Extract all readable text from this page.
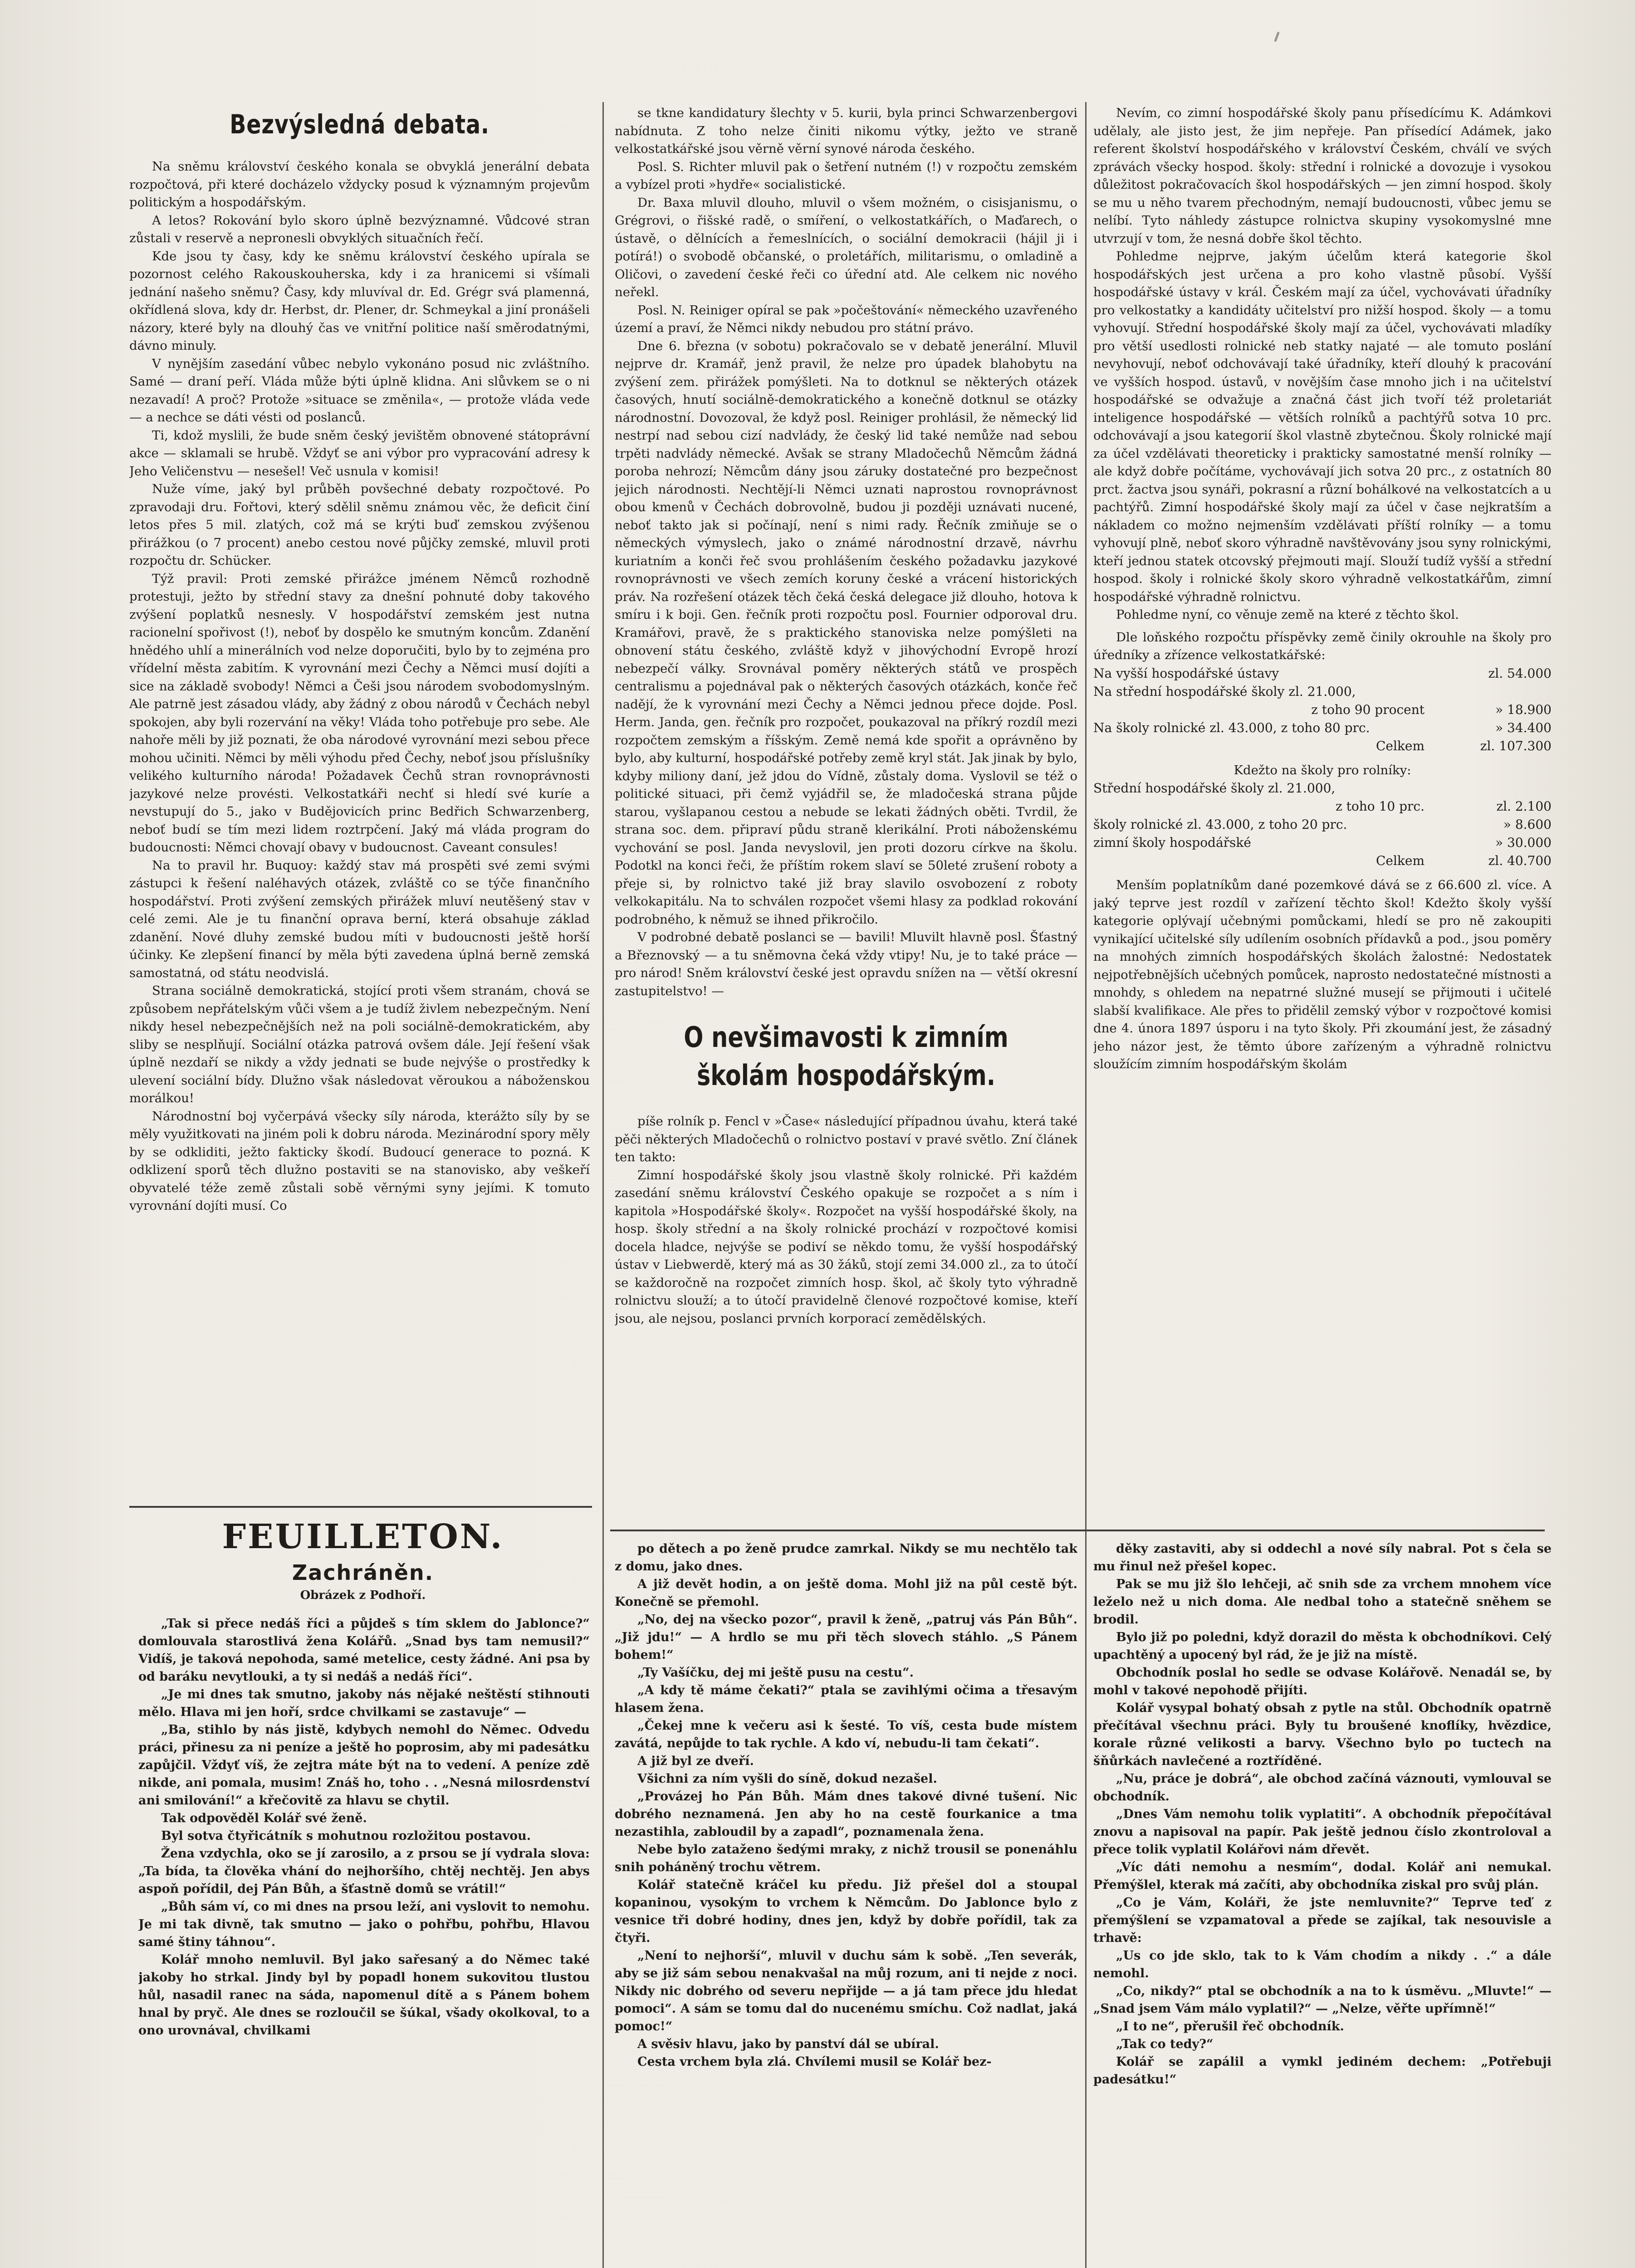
Bezvýsledná debata.

Na sněmu království českého konala se obvyklá jenerální debata rozpočtová, při které docházelo vždycky posud k významným projevům politickým a hospodářským.

A letos? Rokování bylo skoro úplně bezvýznamné. Vůdcové stran zůstali v reservě a nepronesli obvyklých situačních řečí.

Kde jsou ty časy, kdy ke sněmu království českého upírala se pozornost celého Rakouskouherska, kdy i za hranicemi si všímali jednání našeho sněmu? Časy, kdy mluvíval dr. Ed. Grégr svá plamenná, okřídlená slova, kdy dr. Herbst, dr. Plener, dr. Schmeykal a jiní pronášeli názory, které byly na dlouhý čas ve vnitřní politice naší směrodatnými, dávno minuly.

V nynějším zasedání vůbec nebylo vykonáno posud nic zvláštního. Samé — draní peří. Vláda může býti úplně klidna. Ani slůvkem se o ni nezavadí! A proč? Protože »situace se změnila«, — protože vláda vede — a nechce se dáti vésti od poslanců.

Ti, kdož myslili, že bude sněm český jevištěm obnovené státoprávní akce — sklamali se hrubě. Vždyť se ani výbor pro vypracování adresy k Jeho Veličenstvu — nesešel! Več usnula v komisi!

Nuže víme, jaký byl průběh povšechné debaty rozpočtové. Po zpravodaji dru. Fořtovi, který sdělil sněmu známou věc, že deficit činí letos přes 5 mil. zlatých, což má se krýti buď zemskou zvýšenou přirážkou (o 7 procent) anebo cestou nové půjčky zemské, mluvil proti rozpočtu dr. Schücker.

Týž pravil: Proti zemské přirážce jménem Němců rozhodně protestuji, ježto by střední stavy za dnešní pohnuté doby takového zvýšení poplatků nesnesly. V hospodářství zemském jest nutna racionelní spořivost (!), neboť by dospělo ke smutným koncům. Zdanění hnědého uhlí a minerálních vod nelze doporučiti, bylo by to zejména pro vřídelní města zabitím. K vyrovnání mezi Čechy a Němci musí dojíti a sice na základě svobody! Němci a Češi jsou národem svobodomyslným. Ale patrně jest zásadou vlády, aby žádný z obou národů v Čechách nebyl spokojen, aby byli rozervání na věky! Vláda toho potřebuje pro sebe. Ale nahoře měli by již poznati, že oba národové vyrovnání mezi sebou přece mohou učiniti. Němci by měli výhodu před Čechy, neboť jsou příslušníky velikého kulturního národa! Požadavek Čechů stran rovnoprávnosti jazykové nelze provésti. Velkostatkáři nechť si hledí své kuríe a nevstupují do 5., jako v Budějovicích princ Bedřich Schwarzenberg, neboť budí se tím mezi lidem roztrpčení. Jaký má vláda program do budoucnosti: Němci chovají obavy v budoucnost. Caveant consules!

Na to pravil hr. Buquoy: každý stav má prospěti své zemi svými zástupci k řešení naléhavých otázek, zvláště co se týče finančního hospodářství. Proti zvýšení zemských přirážek mluví neutěšený stav v celé zemi. Ale je tu finanční oprava berní, která obsahuje základ zdanění. Nové dluhy zemské budou míti v budoucnosti ještě horší účinky. Ke zlepšení financí by měla býti zavedena úplná berně zemská samostatná, od státu neodvislá.

Strana sociálně demokratická, stojící proti všem stranám, chová se způsobem nepřátelským vůči všem a je tudíž živlem nebezpečným. Není nikdy hesel nebezpečnějších než na poli sociálně-demokratickém, aby sliby se nesplňují. Sociální otázka patrová ovšem dále. Její řešení však úplně nezdaří se nikdy a vždy jednati se bude nejvýše o prostředky k ulevení sociální bídy. Dlužno však následovat věroukou a náboženskou morálkou!

Národnostní boj vyčerpává všecky síly národa, kterážto síly by se měly využitkovati na jiném poli k dobru národa. Mezinárodní spory měly by se odkliditi, ježto fakticky škodí. Budoucí generace to pozná. K odklizení sporů těch dlužno postaviti se na stanovisko, aby veškeří obyvatelé téže země zůstali sobě věrnými syny jejími. K tomuto vyrovnání dojíti musí. Co

se tkne kandidatury šlechty v 5. kurii, byla princi Schwarzenbergovi nabídnuta. Z toho nelze činiti nikomu výtky, ježto ve straně velkostatkářské jsou věrně věrní synové národa českého.

Posl. S. Richter mluvil pak o šetření nutném (!) v rozpočtu zemském a vybízel proti »hydře« socialistické.

Dr. Baxa mluvil dlouho, mluvil o všem možném, o cisisjanismu, o Grégrovi, o řišské radě, o smíření, o velkostatkářích, o Maďarech, o ústavě, o dělnících a řemeslnících, o sociální demokracii (hájil ji i potírá!) o svobodě občanské, o proletářích, militarismu, o omladině a Oličovi, o zavedení české řeči co úřední atd. Ale celkem nic nového neřekl.

Posl. N. Reiniger opíral se pak »počeštování« německého uzavřeného území a praví, že Němci nikdy nebudou pro státní právo.

Dne 6. března (v sobotu) pokračovalo se v debatě jenerální. Mluvil nejprve dr. Kramář, jenž pravil, že nelze pro úpadek blahobytu na zvýšení zem. přirážek pomýšleti. Na to dotknul se některých otázek časových, hnutí sociálně-demokratického a konečně dotknul se otázky národnostní. Dovozoval, že když posl. Reiniger prohlásil, že německý lid nestrpí nad sebou cizí nadvlády, že český lid také nemůže nad sebou trpěti nadvlády německé. Avšak se strany Mladočechů Němcům žádná porobа nehrozí; Němcům dány jsou záruky dostatečné pro bezpečnost jejich národnosti. Nechtějí-li Němci uznati naprostou rovnoprávnost obou kmenů v Čechách dobrovolně, budou ji později uznávati nucené, neboť takto jak si počínají, není s nimi rady. Řečník zmiňuje se o německých výmyslech, jako o známé národnostní drzavě, návrhu kuriatním a konči řeč svou prohlášením českého požadavku jazykové rovnoprávnosti ve všech zemích koruny české a vrácení historických práv. Na rozřešení otázek těch čeká česká delegace již dlouho, hotova k smíru i k boji. Gen. řečník proti rozpočtu posl. Fournier odporoval dru. Kramářovi, pravě, že s praktického stanoviska nelze pomýšleti na obnovení státu českého, zvláště když v jihovýchodní Evropě hrozí nebezpečí války. Srovnával poměry některých států ve prospěch centralismu a pojednával pak o některých časových otázkách, konče řeč nadějí, že k vyrovnání mezi Čechy a Němci jednou přece dojde. Posl. Herm. Janda, gen. řečník pro rozpočet, poukazoval na příkrý rozdíl mezi rozpočtem zemským a říšským. Země nemá kde spořit a oprávněno by bylo, aby kulturní, hospodářské potřeby země kryl stát. Jak jinak by bylo, kdyby miliony daní, jež jdou do Vídně, zůstaly doma. Vyslovil se též o politické situaci, při čemž vyjádřil se, že mladočeská strana půjde starou, vyšlapanou cestou a nebude se lekati žádných oběti. Tvrdil, že strana soc. dem. připraví půdu straně klerikální. Proti náboženskému vychování se posl. Janda nevyslovil, jen proti dozoru církve na školu. Podotkl na konci řeči, že příštím rokem slaví se 50leté zrušení roboty a přeje si, by rolnictvo také již bray slavilo osvobození z roboty velkokapitálu. Na to schválen rozpočet všemi hlasy za podklad rokování podrobného, k němuž se ihned přikročilo.

V podrobné debatě poslanci se — bavili! Mluvilt hlavně posl. Šťastný a Březnovský — a tu sněmovna čeká vždy vtipy! Nu, je to také práce — pro národ! Sněm království české jest opravdu snížen na — větší okresní zastupitelstvo! —

O nevšimavosti k zimním školám hospodářským.

píše rolník p. Fencl v »Čase« následující případnou úvahu, která také pěči některých Mladočechů o rolnictvo postaví v pravé světlo. Zní článek ten takto:

Zimní hospodářské školy jsou vlastně školy rolnické. Při každém zasedání sněmu království Českého opakuje se rozpočet a s ním i kapitola »Hospodářské školy«. Rozpočet na vyšší hospodářské školy, na hosp. školy střední a na školy rolnické prochází v rozpočtové komisi docela hladce, nejvýše se podiví se někdo tomu, že vyšší hospodářský ústav v Liebwerdě, který má as 30 žáků, stojí zemi 34.000 zl., za to útočí se každoročně na rozpočet zimních hosp. škol, ač školy tyto výhradně rolnictvu slouží; a to útočí pravidelně členové rozpočtové komise, kteří jsou, ale nejsou, poslanci prvních korporací zemědělských.

Nevím, co zimní hospodářské školy panu přísedícímu K. Adámkovi udělaly, ale jisto jest, že jim nepřeje. Pan přísedící Adámek, jako referent školství hospodářského v království Českém, chválí ve svých zprávách všecky hospod. školy: střední i rolnické a dovozuje i vysokou důležitost pokračovacích škol hospodářských — jen zimní hospod. školy se mu u něho tvarem přechodným, nemají budoucnosti, vůbec jemu se nelíbí. Tyto náhledy zástupce rolnictva skupiny vysokomyslné mne utvrzují v tom, že nesná dobře škol těchto.

Pohledme nejprve, jakým účelům která kategorie škol hospodářských jest určena a pro koho vlastně působí. Vyšší hospodářské ústavy v král. Českém mají za účel, vychovávati úřadníky pro velkostatky a kandidáty učitelství pro nižší hospod. školy — a tomu vyhovují. Střední hospodářské školy mají za účel, vychovávati mladíky pro větší usedlosti rolnické neb statky najaté — ale tomuto poslání nevyhovují, neboť odchovávají také úřadníky, kteří dlouhý k pracování ve vyšších hospod. ústavů, v novějším čase mnoho jich i na učitelství hospodářské se odvažuje a značná část jich tvoří též proletariát inteligence hospodářské — větších rolníků a pachtýřů sotva 10 prc. odchovávají a jsou kategorií škol vlastně zbytečnou. Školy rolnické mají za účel vzdělávati theoreticky i prakticky samostatné menší rolníky — ale když dobře počítáme, vychovávají jich sotva 20 prc., z ostatních 80 prct. žactva jsou synáři, pokrasní a různí bohálkové na velkostatcích a u pachtýřů. Zimní hospodářské školy mají za účel v čase nejkratším a nákladem co možno nejmenším vzdělávati příští rolníky — a tomu vyhovují plně, neboť skoro výhradně navštěvovány jsou syny rolnickými, kteří jednou statek otcovský přejmouti mají. Slouží tudíž vyšší a střední hospod. školy i rolnické školy skoro výhradně velkostatkářům, zimní hospodářské výhradně rolnictvu.

Pohledme nyní, co věnuje země na které z těchto škol.

Dle loňského rozpočtu příspěvky země činily okrouhle na školy pro úředníky a zřízence velkostatkářské:

Na vyšší hospodářské ústavy	zl. 54.000
Na střední hospodářské školy zl. 21.000,
z toho 90 procent	» 18.900
Na školy rolnické zl. 43.000, z toho 80 prc.	» 34.400
Celkem	zl. 107.300
Kdežto na školy pro rolníky:
Střední hospodářské školy zl. 21.000,
z toho 10 prc.	zl. 2.100
školy rolnické zl. 43.000, z toho 20 prc.	» 8.600
zimní školy hospodářské	» 30.000
Celkem	zl. 40.700

Menším poplatníkům dané pozemkové dává se z 66.600 zl. více. A jaký teprve jest rozdíl v zařízení těchto škol! Kdežto školy vyšší kategorie oplývají učebnými pomůckami, hledí se pro ně zakoupiti vynikající učitelské síly udílením osobních přídavků a pod., jsou poměry na mnohých zimních hospodářských školách žalostné: Nedostatek nejpotřebnějších učebných pomůcek, naprosto nedostatečné místnosti a mnohdy, s ohledem na nepatrné služné musejí se přijmouti i učitelé slabší kvalifikace. Ale přes to přidělil zemský výbor v rozpočtové komisi dne 4. února 1897 úsporu i na tyto školy. Při zkoumání jest, že zásadný jeho názor jest, že těmto úbore zařízeným a výhradně rolnictvu sloužícím zimním hospodářským školám

FEUILLETON.
Zachráněn.
Obrázek z Podhoří.

„Tak si přece nedáš říci a půjdeš s tím sklem do Jablonce?“ domlouvala starostlivá žena Kolářů. „Snad bys tam nemusil?“ Vidíš, je taková nepohoda, samé metelice, cesty žádné. Ani psa by od baráku nevytlouki, a ty si nedáš a nedáš říci“.

„Je mi dnes tak smutno, jakoby nás nějaké neštěstí stihnouti mělo. Hlava mi jen hoří, srdce chvilkami se zastavuje“ —

„Ba, stihlo by nás jistě, kdybych nemohl do Němec. Odvedu práci, přinesu za ni peníze a ještě ho poprosim, aby mi padesátku zapůjčil. Vždyť víš, že zejtra máte být na to vedení. A peníze zdě nikde, ani pomala, musim! Znáš ho, toho . . „Nesná milosrdenství ani smilování!“ a křečovitě za hlavu se chytil.

Tak odpověděl Kolář své ženě.

Byl sotva čtyřicátník s mohutnou rozložitou postavou.

Žena vzdychla, oko se jí zarosilo, a z prsou se jí vydrala slova: „Ta bída, ta člověka vhání do nejhoršího, chtěj nechtěj. Jen abys aspoň pořídil, dej Pán Bůh, a šťastně domů se vrátil!“

„Bůh sám ví, co mi dnes na prsou leží, ani vyslovit to nemohu. Je mi tak divně, tak smutno — jako o pohřbu, pohřbu, Hlavou samé štiny táhnou“.

Kolář mnoho nemluvil. Byl jako sařesaný a do Němec také jakoby ho strkal. Jindy byl by popadl honem sukovitou tlustou hůl, nasadil ranec na sáda, napomenul dítě a s Pánem bohem hnal by pryč. Ale dnes se rozloučil se šúkal, všady okolkoval, to a ono urovnával, chvilkami

po dětech a po ženě prudce zamrkal. Nikdy se mu nechtělo tak z domu, jako dnes.

A již devět hodin, a on ještě doma. Mohl již na půl cestě být. Konečně se přemohl.

„No, dej na všecko pozor“, pravil k ženě, „patruj vás Pán Bůh“. „Již jdu!“ — A hrdlo se mu při těch slovech stáhlo. „S Pánem bohem!“

„Ty Vašíčku, dej mi ještě pusu na cestu“.

„A kdy tě máme čekati?“ ptala se zavihlými očima a třesavým hlasem žena.

„Čekej mne k večeru asi k šesté. To víš, cesta bude místem zavátá, nepůjde to tak rychle. A kdo ví, nebudu-li tam čekati“.

A již byl ze dveří.

Všichni za ním vyšli do síně, dokud nezašel.

„Provázej ho Pán Bůh. Mám dnes takové divné tušení. Nic dobrého neznamená. Jen aby ho na cestě fourkanice a tma nezastihla, zabloudil by a zapadl“, poznamenala žena.

Nebe bylo zataženo šedými mraky, z nichž trousil se ponenáhlu snih poháněný trochu větrem.

Kolář statečně kráčel ku předu. Již přešel dol a stoupal kopaninou, vysokým to vrchem k Němcům. Do Jablonce bylo z vesnice tři dobré hodiny, dnes jen, když by dobře pořídil, tak za čtyři.

„Není to nejhorší“, mluvil v duchu sám k sobě. „Ten severák, aby se již sám sebou nenakvašal na můj rozum, ani ti nejde z noci. Nikdy nic dobrého od severu nepřijde — a já tam přece jdu hledat pomoci“. A sám se tomu dal do nucenému smíchu. Což nadlat, jaká pomoc!“

A svěsiv hlavu, jako by panství dál se ubíral.

Cesta vrchem byla zlá. Chvílemi musil se Kolář bez-

děky zastaviti, aby si oddechl a nové síly nabral. Pot s čela se mu řinul než přešel kopec.

Pak se mu již šlo lehčeji, ač snih sde za vrchem mnohem více leželo než u nich doma. Ale nedbal toho a statečně sněhem se brodil.

Bylo již po poledni, když dorazil do města k obchodníkovi. Celý upachtěný a upocený byl rád, že je již na místě.

Obchodník poslal ho sedle se odvase Kolářově. Nenadál se, by mohl v takové nepohodě přijíti.

Kolář vysypal bohatý obsah z pytle na stůl. Obchodník opatrně přečítával všechnu práci. Byly tu broušené knoflíky, hvězdice, korale různé velikosti a barvy. Všechno bylo po tuctech na šňůrkách navlečené a roztříděné.

„Nu, práce je dobrá“, ale obchod začíná váznouti, vymlouval se obchodník.

„Dnes Vám nemohu tolik vyplatiti“. A obchodník přepočítával znovu a napisoval na papír. Pak ještě jednou číslo zkontroloval a přece tolik vyplatil Kolářovi nám dřevět.

„Víc dáti nemohu a nesmím“, dodal. Kolář ani nemukal. Přemýšlel, kterak má začíti, aby obchodníka ziskal pro svůj plán.

„Co je Vám, Koláři, že jste nemluvnite?“ Teprve teď z přemýšlení se vzpamatoval a přede se zajíkal, tak nesouvisle a trhavě:

„Us co jde sklo, tak to k Vám chodím a nikdy . .“ a dále nemohl.

„Co, nikdy?“ ptal se obchodník a na to k úsměvu. „Mluvte!“ — „Snad jsem Vám málo vyplatil?“ — „Nelze, věřte upřímně!“

„I to ne“, přerušil řeč obchodník.

„Tak co tedy?“

Kolář se zapálil a vymkl jediném dechem: „Potřebuji padesátku!“
